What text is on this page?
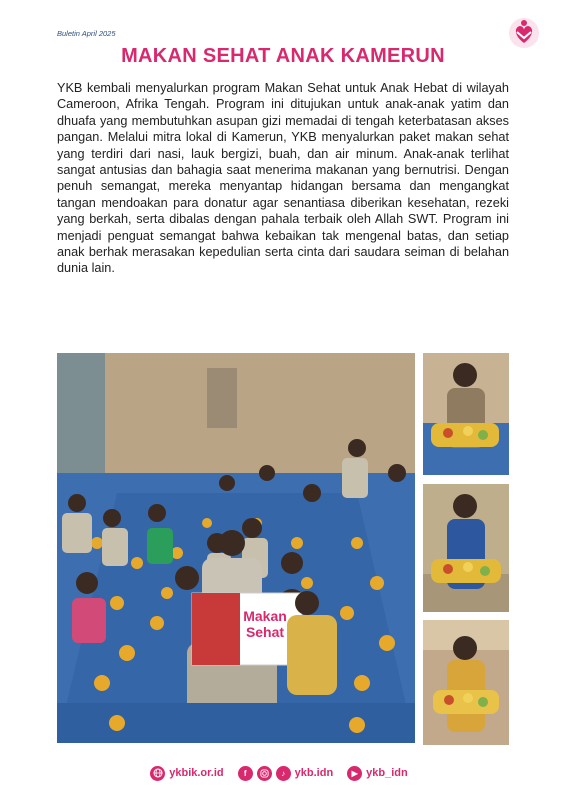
Buletin April 2025
MAKAN SEHAT ANAK KAMERUN
YKB kembali menyalurkan program Makan Sehat untuk Anak Hebat di wilayah Cameroon, Afrika Tengah. Program ini ditujukan untuk anak-anak yatim dan dhuafa yang membutuhkan asupan gizi memadai di tengah keterbatasan akses pangan. Melalui mitra lokal di Kamerun, YKB menyalurkan paket makan sehat yang terdiri dari nasi, lauk bergizi, buah, dan air minum. Anak-anak terlihat sangat antusias dan bahagia saat menerima makanan yang bernutrisi. Dengan penuh semangat, mereka menyantap hidangan bersama dan mengangkat tangan mendoakan para donatur agar senantiasa diberikan kesehatan, rezeki yang berkah, serta dibalas dengan pahala terbaik oleh Allah SWT. Program ini menjadi penguat semangat bahwa kebaikan tak mengenal batas, dan setiap anak berhak merasakan kepedulian serta cinta dari saudara seiman di belahan dunia lain.
Makan
Sehat
ykbik.or.id	f	♪ ykb.idn	▶ ykb_idn
